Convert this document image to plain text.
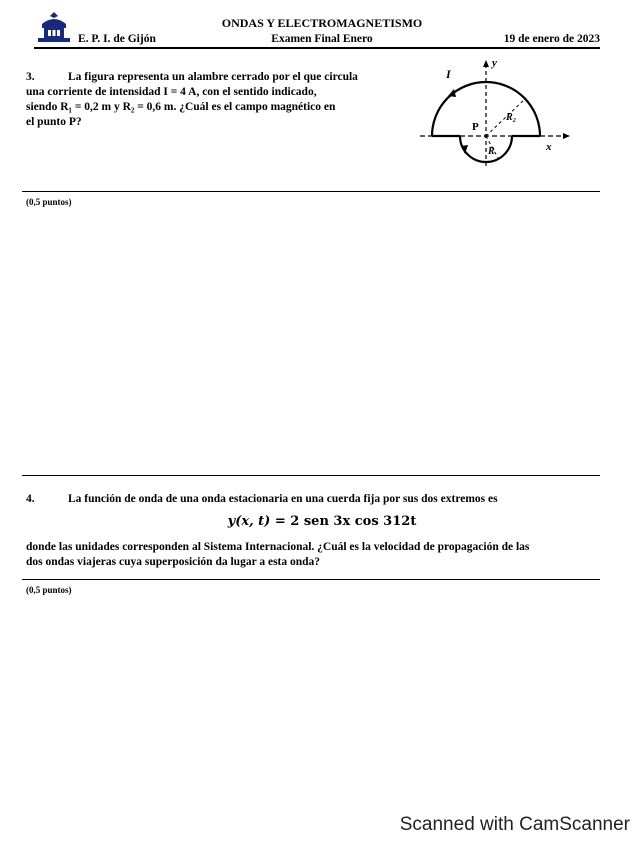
ONDAS Y ELECTROMAGNETISMO
E. P. I. de Gijón	Examen Final Enero	19 de enero de 2023
3.	La figura representa un alambre cerrado por el que circula
una corriente de intensidad I = 4 A, con el sentido indicado,
siendo R₁ = 0,2 m y R₂ = 0,6 m. ¿Cuál es el campo magnético en
el punto P?
I
y
x
P
R₂
R
(0,5 puntos)
4.	La función de onda de una onda estacionaria en una cuerda fija por sus dos extremos es
y(x, t) = 2 sen 3x cos 312t
donde las unidades corresponden al Sistema Internacional. ¿Cuál es la velocidad de propagación de las
dos ondas viajeras cuya superposición da lugar a esta onda?
(0,5 puntos)
Scanned with CamScanner
